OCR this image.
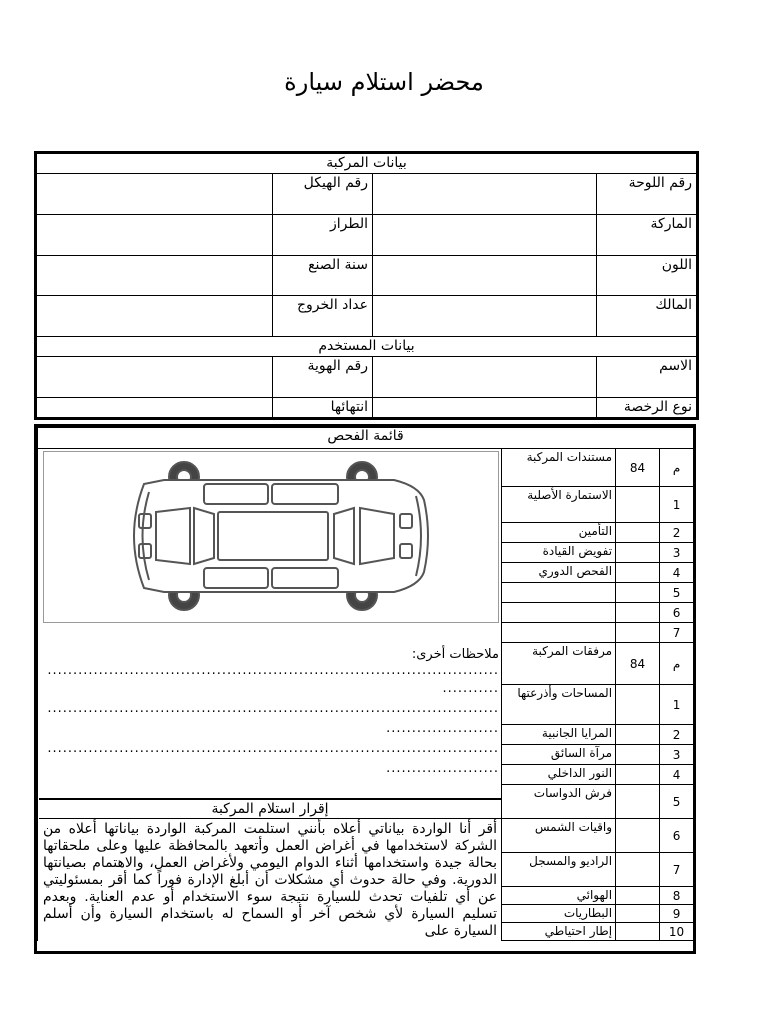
محضر استلام سيارة
بيانات المركبة			
رقم اللوحة		رقم الهيكل	
الماركة		الطراز	
اللون		سنة الصنع	
المالك		عداد الخروج	
بيانات المستخدم			
الاسم		رقم الهوية	
نوع الرخصة		انتهائها	
قائمة الفحص			
م	84	مستندات المركبة	
1		الاستمارة الأصلية	
2		التأمين	
3		تفويض القيادة	
4		الفحص الدوري	
5			
6			
7			
م	84	مرفقات المركبة	
1		المساحات وأذرعتها	
2		المرايا الجانبية	
3		مرآة السائق	
4		النور الداخلي	
5		فرش الدواسات	
6		واقيات الشمس	
7		الراديو والمسجل	
8		الهوائي	
9		البطاريات	
10		إطار احتياطي	
ملاحظات أخرى:
........................................................................................
...........
........................................................................................
......................
........................................................................................
......................
إقرار استلام المركبة
أقر أنا الواردة بياناتي أعلاه بأنني استلمت المركبة الواردة بياناتها أعلاه من الشركة لاستخدامها في أغراض العمل وأتعهد بالمحافظة عليها وعلى ملحقاتها بحالة جيدة واستخدامها أثناء الدوام اليومي ولأغراض العمل، والاهتمام بصيانتها الدورية. وفي حالة حدوث أي مشكلات أن أبلغ الإدارة فوراً كما أقر بمسئوليتي عن أي تلفيات تحدث للسيارة نتيجة سوء الاستخدام أو عدم العناية. وبعدم تسليم السيارة لأي شخص آخر أو السماح له باستخدام السيارة وأن أسلم السيارة على
